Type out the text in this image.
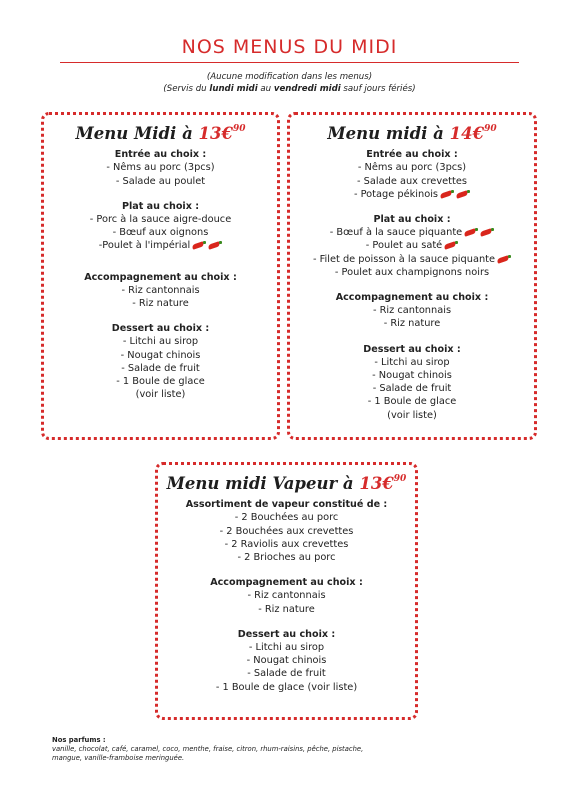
NOS MENUS DU MIDI
(Aucune modification dans les menus)
(Servis du lundi midi au vendredi midi sauf jours fériés)
Menu Midi à 13€$^{90}$
Entrée au choix :
- Nêms au porc (3pcs)
- Salade au poulet
Plat au choix :
- Porc à la sauce aigre-douce
- Bœuf aux oignons
-Poulet à l'impérial
Accompagnement au choix :
- Riz cantonnais
- Riz nature
Dessert au choix :
- Litchi au sirop
- Nougat chinois
- Salade de fruit
- 1 Boule de glace
(voir liste)
Menu midi à 14€$^{90}$
Entrée au choix :
- Nêms au porc (3pcs)
- Salade aux crevettes
- Potage pékinois
Plat au choix :
- Bœuf à la sauce piquante
- Poulet au saté
- Filet de poisson à la sauce piquante
- Poulet aux champignons noirs
Accompagnement au choix :
- Riz cantonnais
- Riz nature
Dessert au choix :
- Litchi au sirop
- Nougat chinois
- Salade de fruit
- 1 Boule de glace
(voir liste)
Menu midi Vapeur à 13€$^{90}$
Assortiment de vapeur constitué de :
- 2 Bouchées au porc
- 2 Bouchées aux crevettes
- 2 Raviolis aux crevettes
- 2 Brioches au porc
Accompagnement au choix :
- Riz cantonnais
- Riz nature
Dessert au choix :
- Litchi au sirop
- Nougat chinois
- Salade de fruit
- 1 Boule de glace (voir liste)
Nos parfums :
vanille, chocolat, café, caramel, coco, menthe, fraise, citron, rhum-raisins, pêche, pistache,
mangue, vanille-framboise meringuée.
